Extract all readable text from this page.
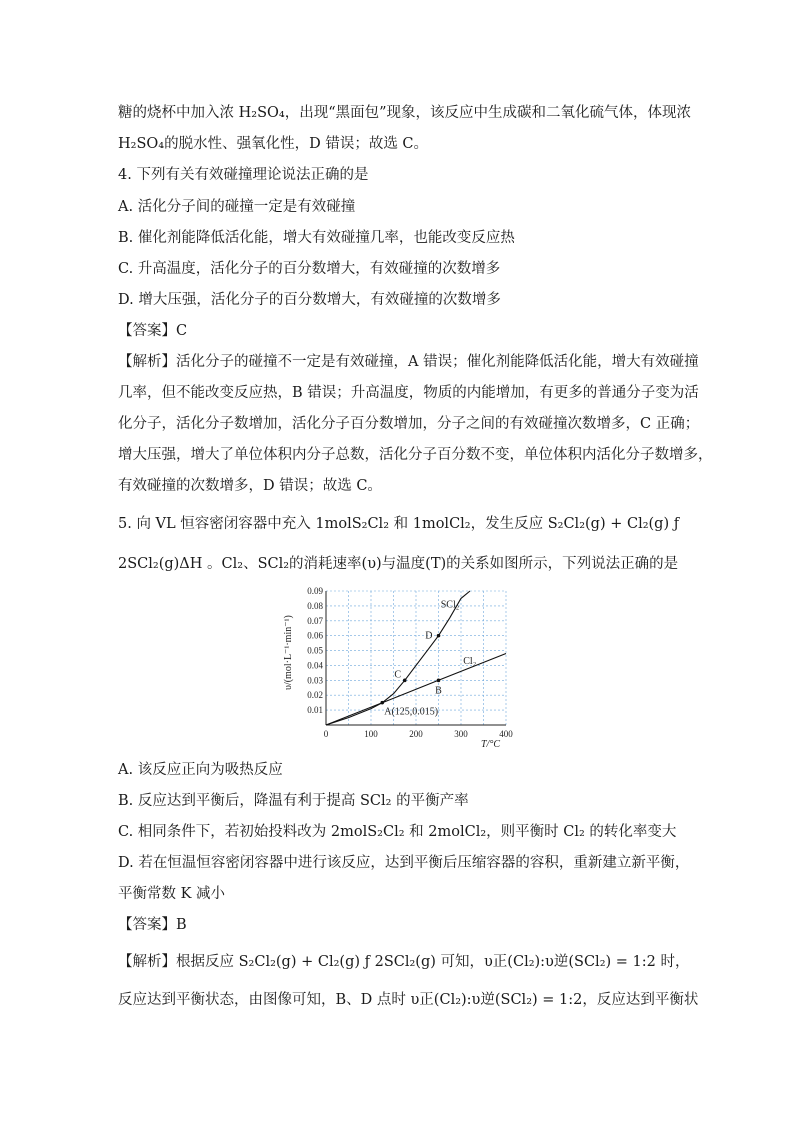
糖的烧杯中加入浓 H₂SO₄，出现“黑面包”现象，该反应中生成碳和二氧化硫气体，体现浓
H₂SO₄的脱水性、强氧化性，D 错误；故选 C。
4. 下列有关有效碰撞理论说法正确的是
A. 活化分子间的碰撞一定是有效碰撞
B. 催化剂能降低活化能，增大有效碰撞几率，也能改变反应热
C. 升高温度，活化分子的百分数增大，有效碰撞的次数增多
D. 增大压强，活化分子的百分数增大，有效碰撞的次数增多
【答案】C
【解析】活化分子的碰撞不一定是有效碰撞，A 错误；催化剂能降低活化能，增大有效碰撞
几率，但不能改变反应热，B 错误；升高温度，物质的内能增加，有更多的普通分子变为活
化分子，活化分子数增加，活化分子百分数增加，分子之间的有效碰撞次数增多，C 正确；
增大压强，增大了单位体积内分子总数，活化分子百分数不变，单位体积内活化分子数增多，
有效碰撞的次数增多，D 错误；故选 C。
5. 向 VL 恒容密闭容器中充入 1molS₂Cl₂ 和 1molCl₂，发生反应 S₂Cl₂(g) + Cl₂(g) ƒ
2SCl₂(g)ΔH 。Cl₂、SCl₂的消耗速率(υ)与温度(T)的关系如图所示，下列说法正确的是
0.01
0.02
0.03
0.04
0.05
0.06
0.07
0.08
0.09
0	100	200	300	400
SCl₂
Cl₂
A(125,0.015)
B
C
D
υ/(mol·L⁻¹·min⁻¹)
T/°C
A. 该反应正向为吸热反应
B. 反应达到平衡后，降温有利于提高 SCl₂ 的平衡产率
C. 相同条件下，若初始投料改为 2molS₂Cl₂ 和 2molCl₂，则平衡时 Cl₂ 的转化率变大
D. 若在恒温恒容密闭容器中进行该反应，达到平衡后压缩容器的容积，重新建立新平衡，
平衡常数 K 减小
【答案】B
【解析】根据反应 S₂Cl₂(g) + Cl₂(g) ƒ 2SCl₂(g) 可知，υ正(Cl₂):υ逆(SCl₂) = 1:2 时，
反应达到平衡状态，由图像可知，B、D 点时 υ正(Cl₂):υ逆(SCl₂) = 1:2，反应达到平衡状
